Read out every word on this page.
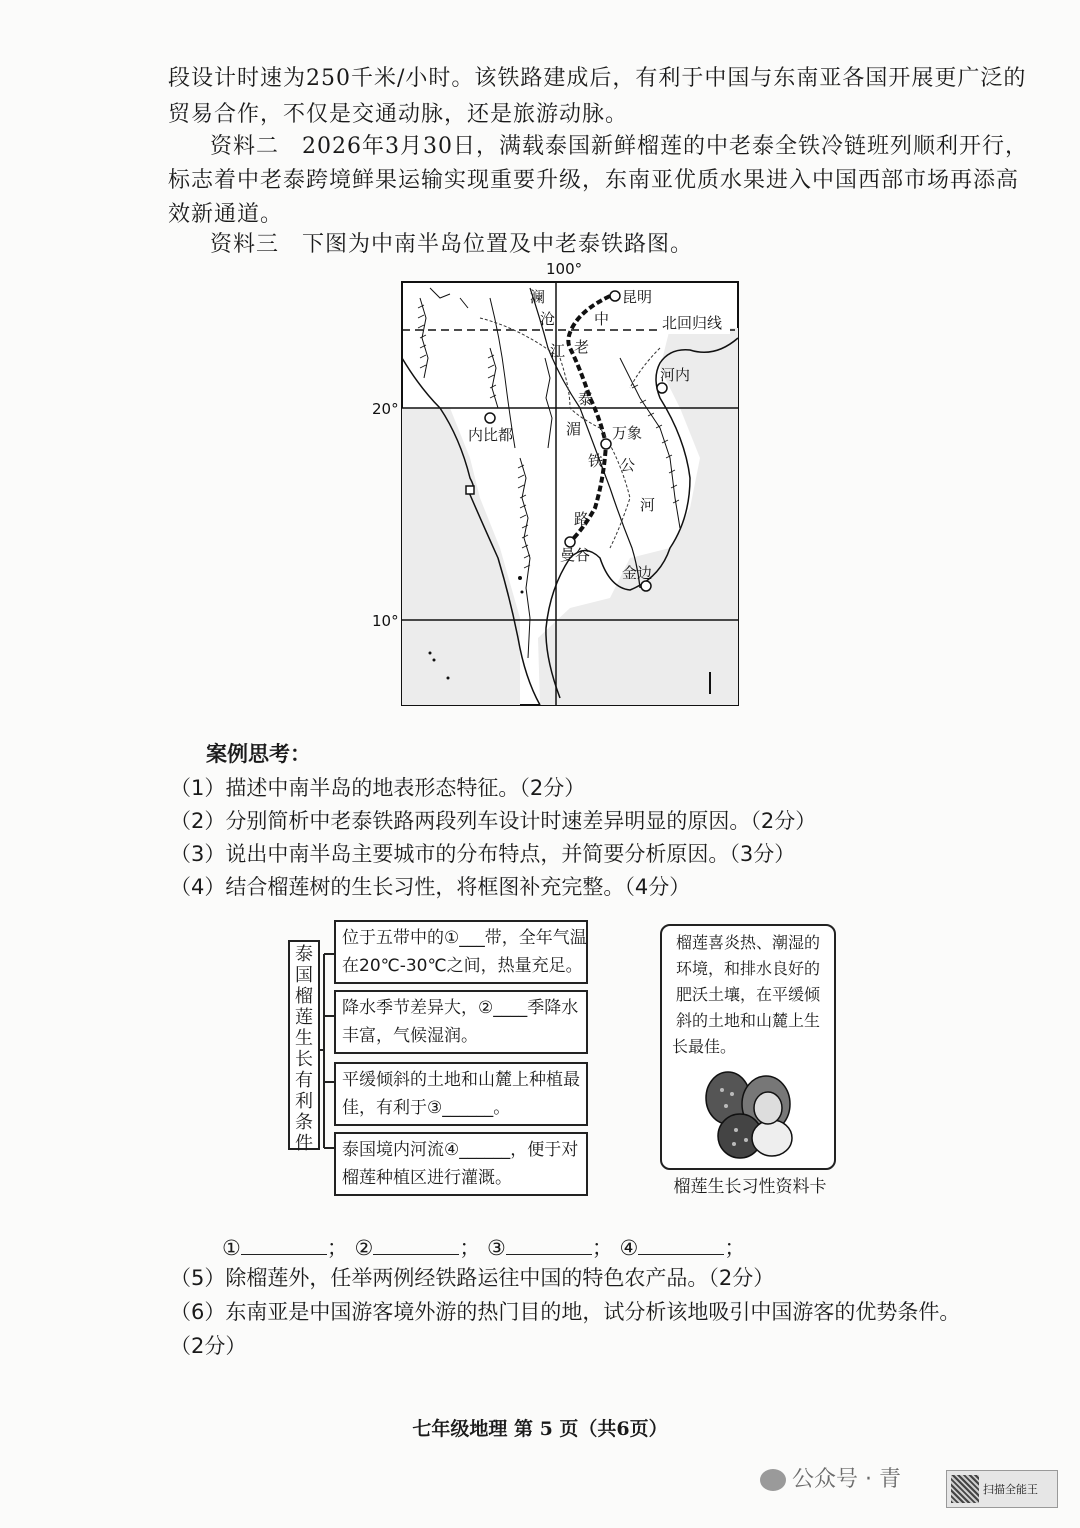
段设计时速为250千米/小时。该铁路建成后，有利于中国与东南亚各国开展更广泛的
贸易合作，不仅是交通动脉，还是旅游动脉。
资料二　2026年3月30日，满载泰国新鲜榴莲的中老泰全铁冷链班列顺利开行，
标志着中老泰跨境鲜果运输实现重要升级，东南亚优质水果进入中国西部市场再添高
效新通道。
资料三　下图为中南半岛位置及中老泰铁路图。
100°
20°
10°
北回归线
昆明
河内
内比都	万象
曼谷
金边
澜
沧
江
湄
公
河
中
老
泰
铁
路
案例思考：
（1）描述中南半岛的地表形态特征。（2分）
（2）分别简析中老泰铁路两段列车设计时速差异明显的原因。（2分）
（3）说出中南半岛主要城市的分布特点，并简要分析原因。（3分）
（4）结合榴莲树的生长习性，将框图补充完整。（4分）
泰国榴莲生长有利条件
位于五带中的①___带，全年气温
在20℃-30℃之间，热量充足。
降水季节差异大，②____季降水
丰富，气候湿润。
平缓倾斜的土地和山麓上种植最
佳，有利于③______。
泰国境内河流④______，便于对
榴莲种植区进行灌溉。
榴莲喜炎热、潮湿的
环境，和排水良好的
肥沃土壤，在平缓倾
斜的土地和山麓上生
长最佳。
榴莲生长习性资料卡
①	； ②	； ③	； ④	；
（5）除榴莲外，任举两例经铁路运往中国的特色农产品。（2分）
（6）东南亚是中国游客境外游的热门目的地，试分析该地吸引中国游客的优势条件。
（2分）
七年级地理 第 5 页（共6页）
公众号 · 青	扫描全能王
